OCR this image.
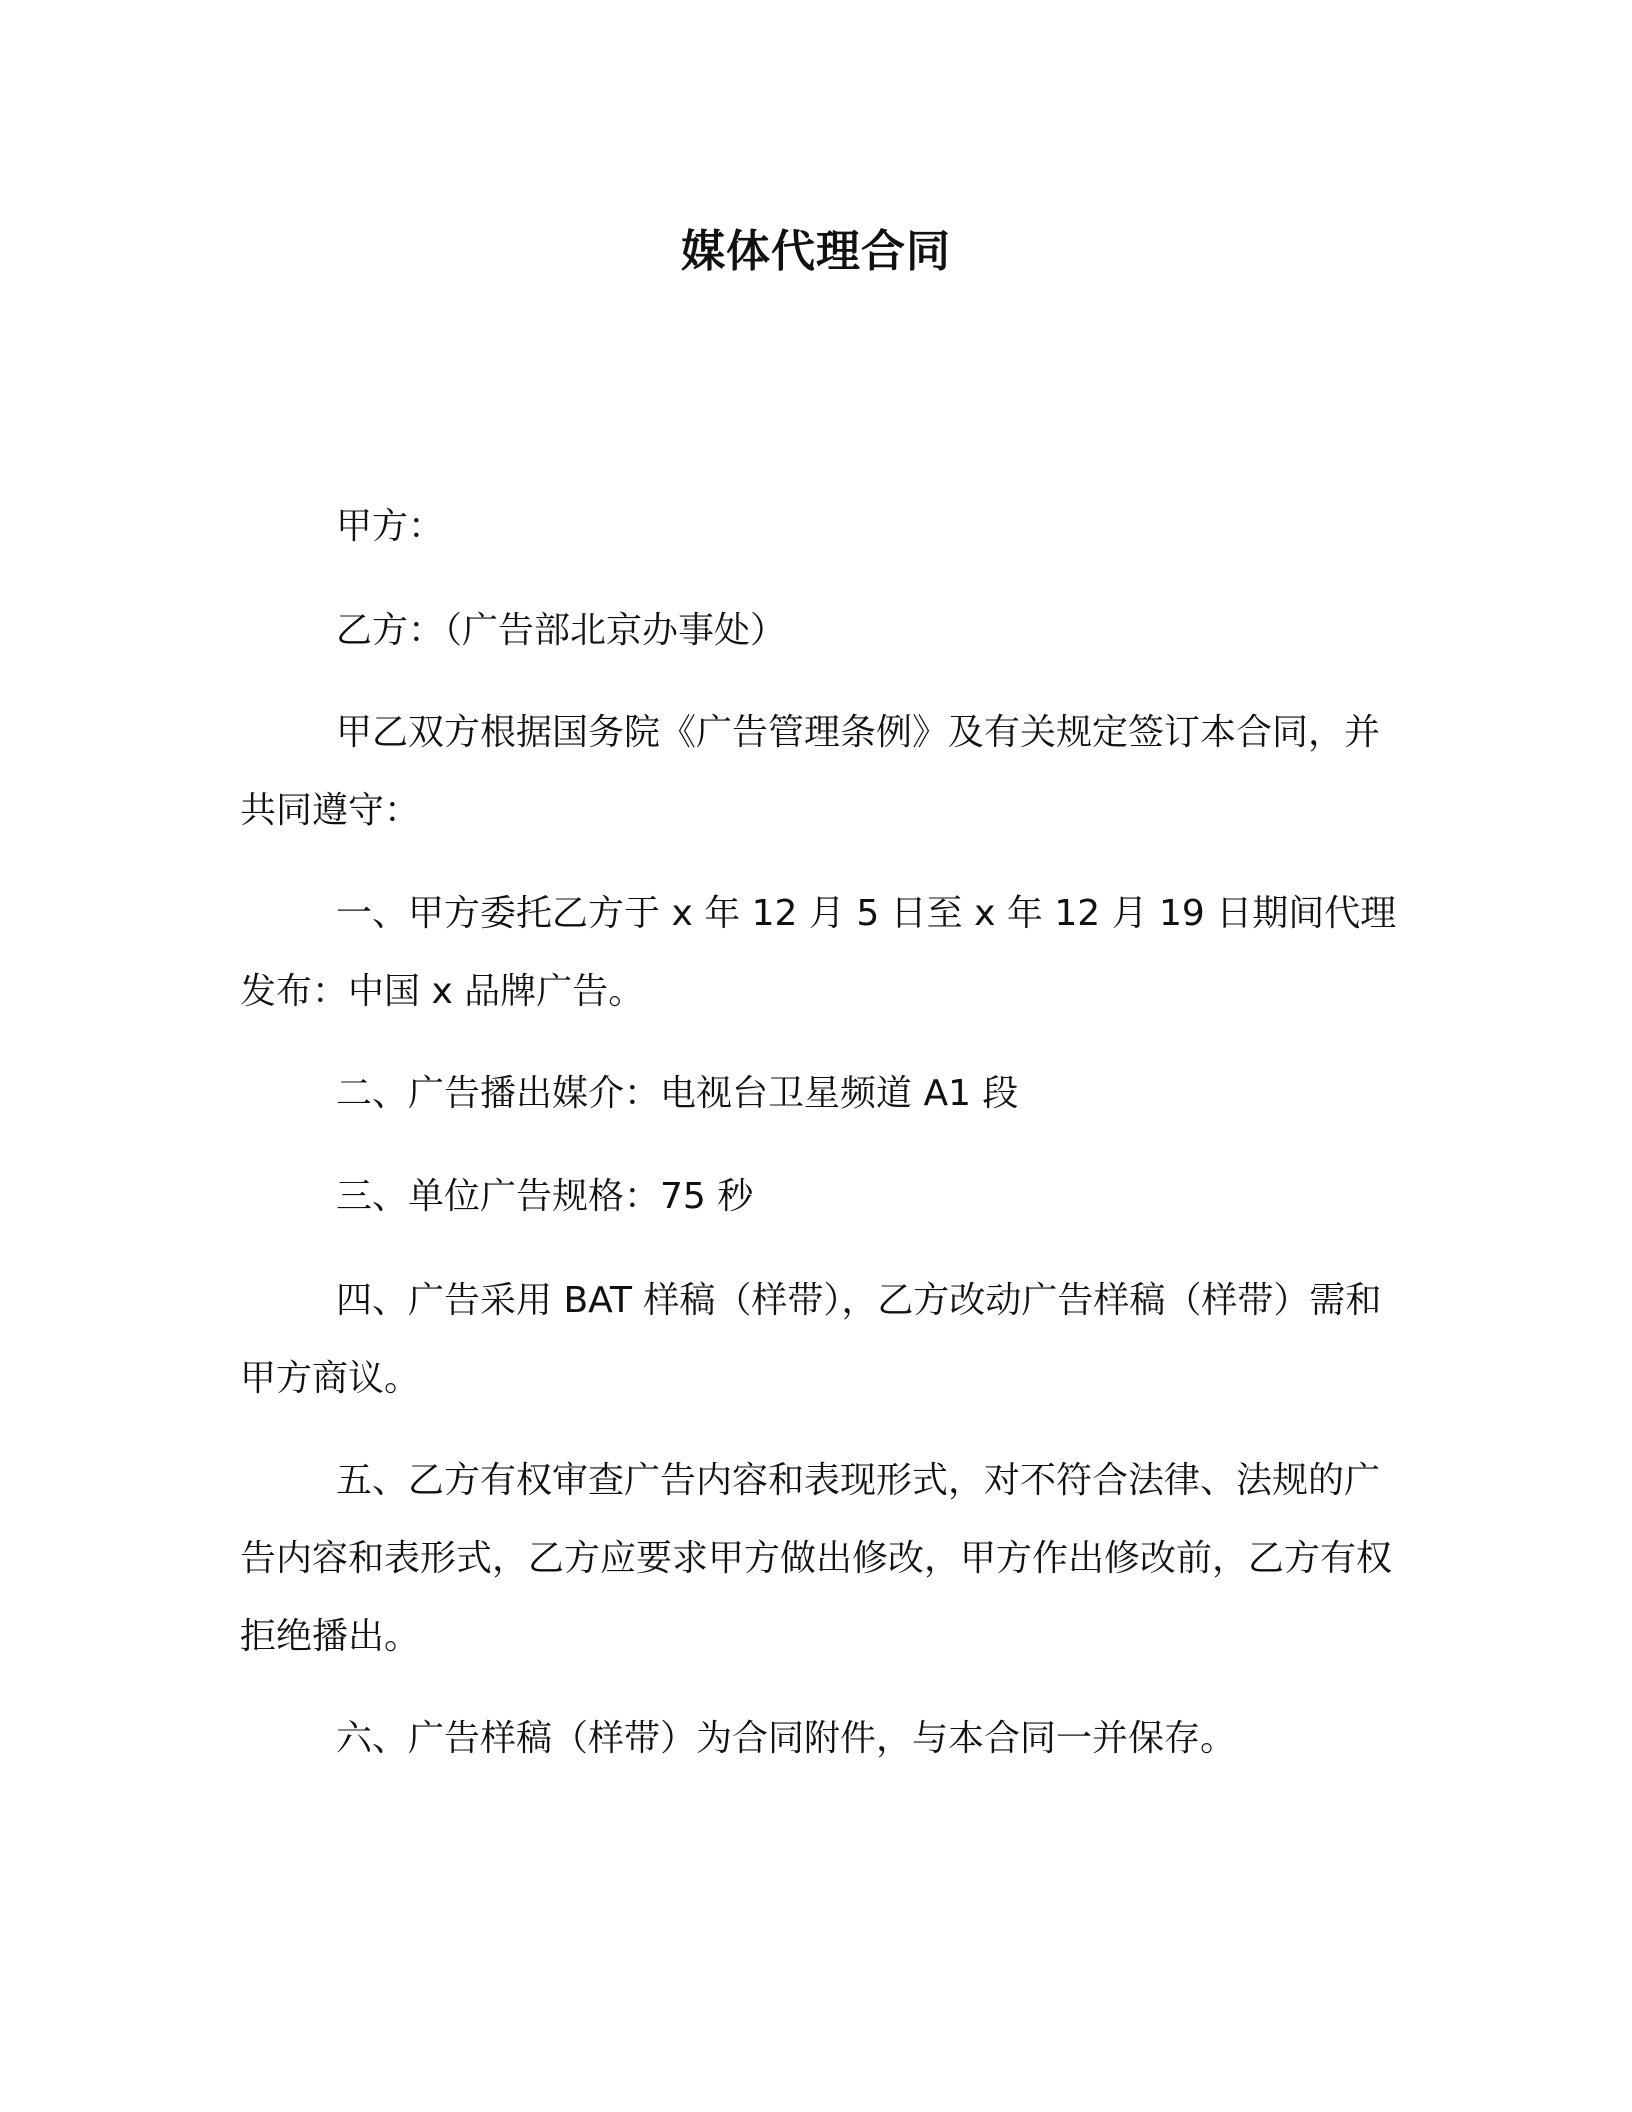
媒体代理合同

甲方：

乙方：（广告部北京办事处）

甲乙双方根据国务院《广告管理条例》及有关规定签订本合同，并共同遵守：

一、甲方委托乙方于 x 年 12 月 5 日至 x 年 12 月 19 日期间代理发布：中国 x 品牌广告。

二、广告播出媒介：电视台卫星频道 A1 段

三、单位广告规格：75 秒

四、广告采用 BAT 样稿（样带），乙方改动广告样稿（样带）需和甲方商议。

五、乙方有权审查广告内容和表现形式，对不符合法律、法规的广告内容和表形式，乙方应要求甲方做出修改，甲方作出修改前，乙方有权拒绝播出。

六、广告样稿（样带）为合同附件，与本合同一并保存。
